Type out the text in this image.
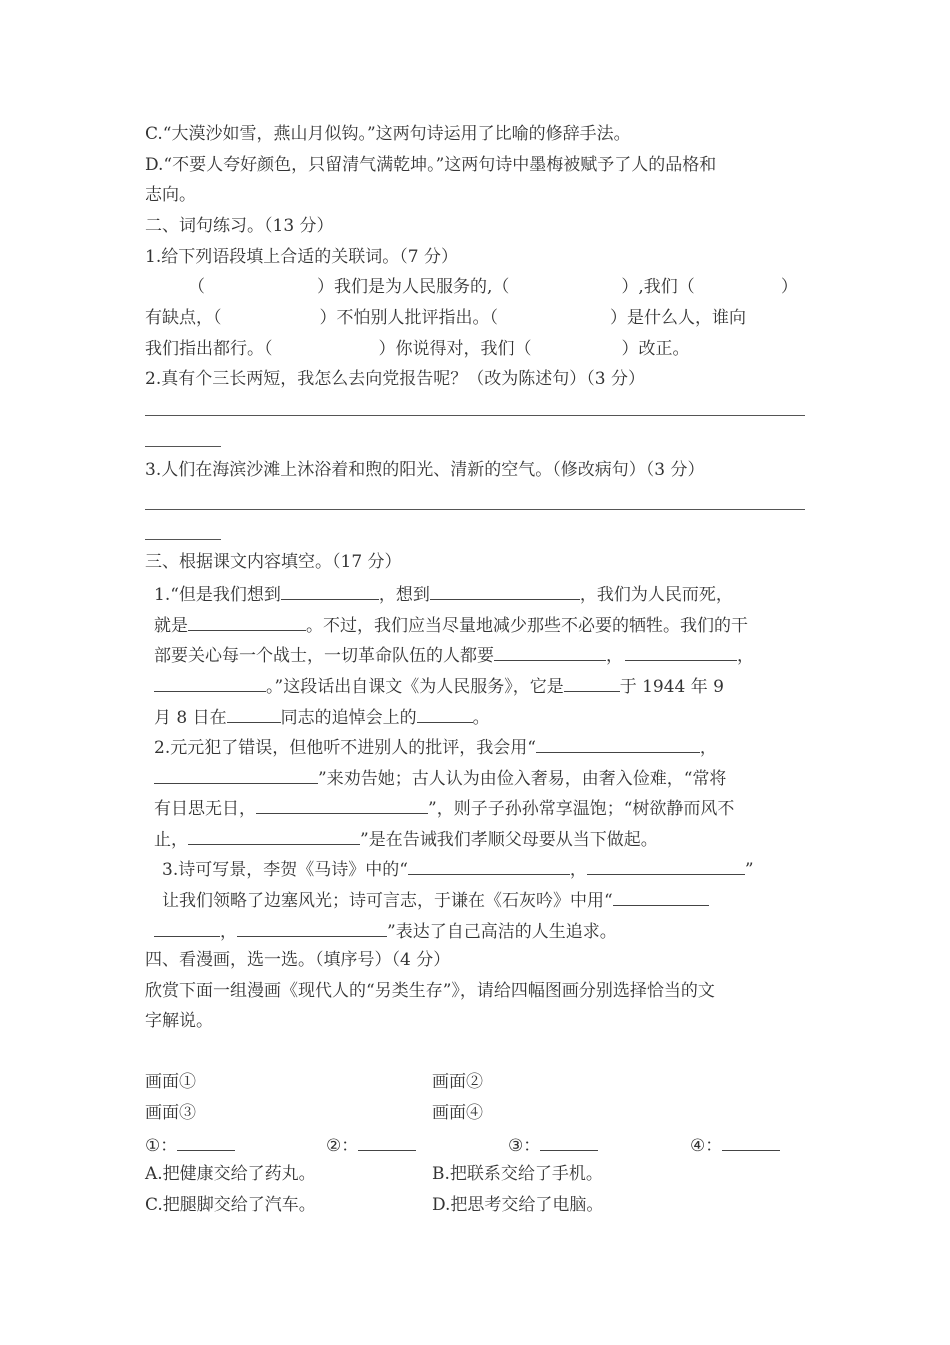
C.“大漠沙如雪，燕山月似钩。”这两句诗运用了比喻的修辞手法。
D.“不要人夸好颜色，只留清气满乾坤。”这两句诗中墨梅被赋予了人的品格和
志向。
二、词句练习。（13 分）
1.给下列语段填上合适的关联词。（7 分）
（	）我们是为人民服务的,（	）,我们（	）
有缺点，（	）不怕别人批评指出。（	）是什么人，谁向
我们指出都行。（	）你说得对，我们（	）改正。
2.真有个三长两短，我怎么去向党报告呢？（改为陈述句）（3 分）
3.人们在海滨沙滩上沐浴着和煦的阳光、清新的空气。（修改病句）（3 分）
三、根据课文内容填空。（17 分）
1.“但是我们想到	，想到	，我们为人民而死，
就是	。不过，我们应当尽量地减少那些不必要的牺牲。我们的干
部要关心每一个战士，一切革命队伍的人都要	，	，
。”这段话出自课文《为人民服务》，它是	于 1944 年 9
月 8 日在	同志的追悼会上的	。
2.元元犯了错误，但他听不进别人的批评，我会用“	，
”来劝告她；古人认为由俭入奢易，由奢入俭难，“常将
有日思无日，	”，则子子孙孙常享温饱；“树欲静而风不
止，	”是在告诫我们孝顺父母要从当下做起。
3.诗可写景，李贺《马诗》中的“	，	”
让我们领略了边塞风光；诗可言志，于谦在《石灰吟》中用“
，	”表达了自己高洁的人生追求。
四、看漫画，选一选。（填序号）（4 分）
欣赏下面一组漫画《现代人的“另类生存”》，请给四幅图画分别选择恰当的文
字解说。
画面①	画面②
画面③	画面④
①：	②：	③：	④：
A.把健康交给了药丸。	B.把联系交给了手机。
C.把腿脚交给了汽车。	D.把思考交给了电脑。
